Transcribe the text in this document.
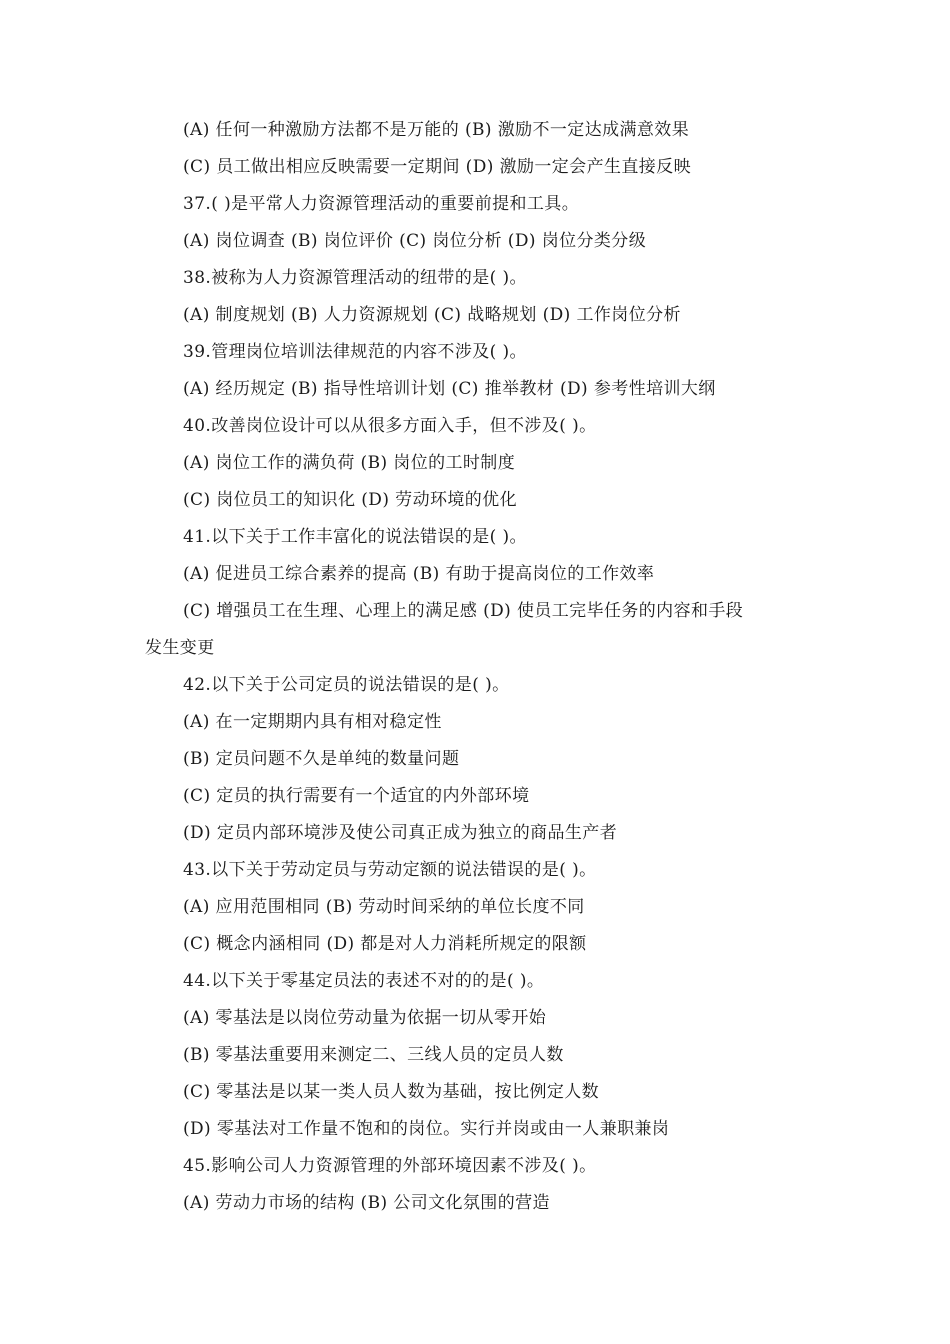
(A) 任何一种激励方法都不是万能的 (B) 激励不一定达成满意效果
(C) 员工做出相应反映需要一定期间 (D) 激励一定会产生直接反映
37.( )是平常人力资源管理活动的重要前提和工具。
(A) 岗位调查 (B) 岗位评价 (C) 岗位分析 (D) 岗位分类分级
38.被称为人力资源管理活动的纽带的是( )。
(A) 制度规划 (B) 人力资源规划 (C) 战略规划 (D) 工作岗位分析
39.管理岗位培训法律规范的内容不涉及( )。
(A) 经历规定 (B) 指导性培训计划 (C) 推举教材 (D) 参考性培训大纲
40.改善岗位设计可以从很多方面入手，但不涉及( )。
(A) 岗位工作的满负荷 (B) 岗位的工时制度
(C) 岗位员工的知识化 (D) 劳动环境的优化
41.以下关于工作丰富化的说法错误的是( )。
(A) 促进员工综合素养的提高 (B) 有助于提高岗位的工作效率
(C) 增强员工在生理、心理上的满足感 (D) 使员工完毕任务的内容和手段
发生变更
42.以下关于公司定员的说法错误的是( )。
(A) 在一定期期内具有相对稳定性
(B) 定员问题不久是单纯的数量问题
(C) 定员的执行需要有一个适宜的内外部环境
(D) 定员内部环境涉及使公司真正成为独立的商品生产者
43.以下关于劳动定员与劳动定额的说法错误的是( )。
(A) 应用范围相同 (B) 劳动时间采纳的单位长度不同
(C) 概念内涵相同 (D) 都是对人力消耗所规定的限额
44.以下关于零基定员法的表述不对的的是( )。
(A) 零基法是以岗位劳动量为依据一切从零开始
(B) 零基法重要用来测定二、三线人员的定员人数
(C) 零基法是以某一类人员人数为基础，按比例定人数
(D) 零基法对工作量不饱和的岗位。实行并岗或由一人兼职兼岗
45.影响公司人力资源管理的外部环境因素不涉及( )。
(A) 劳动力市场的结构 (B) 公司文化氛围的营造
